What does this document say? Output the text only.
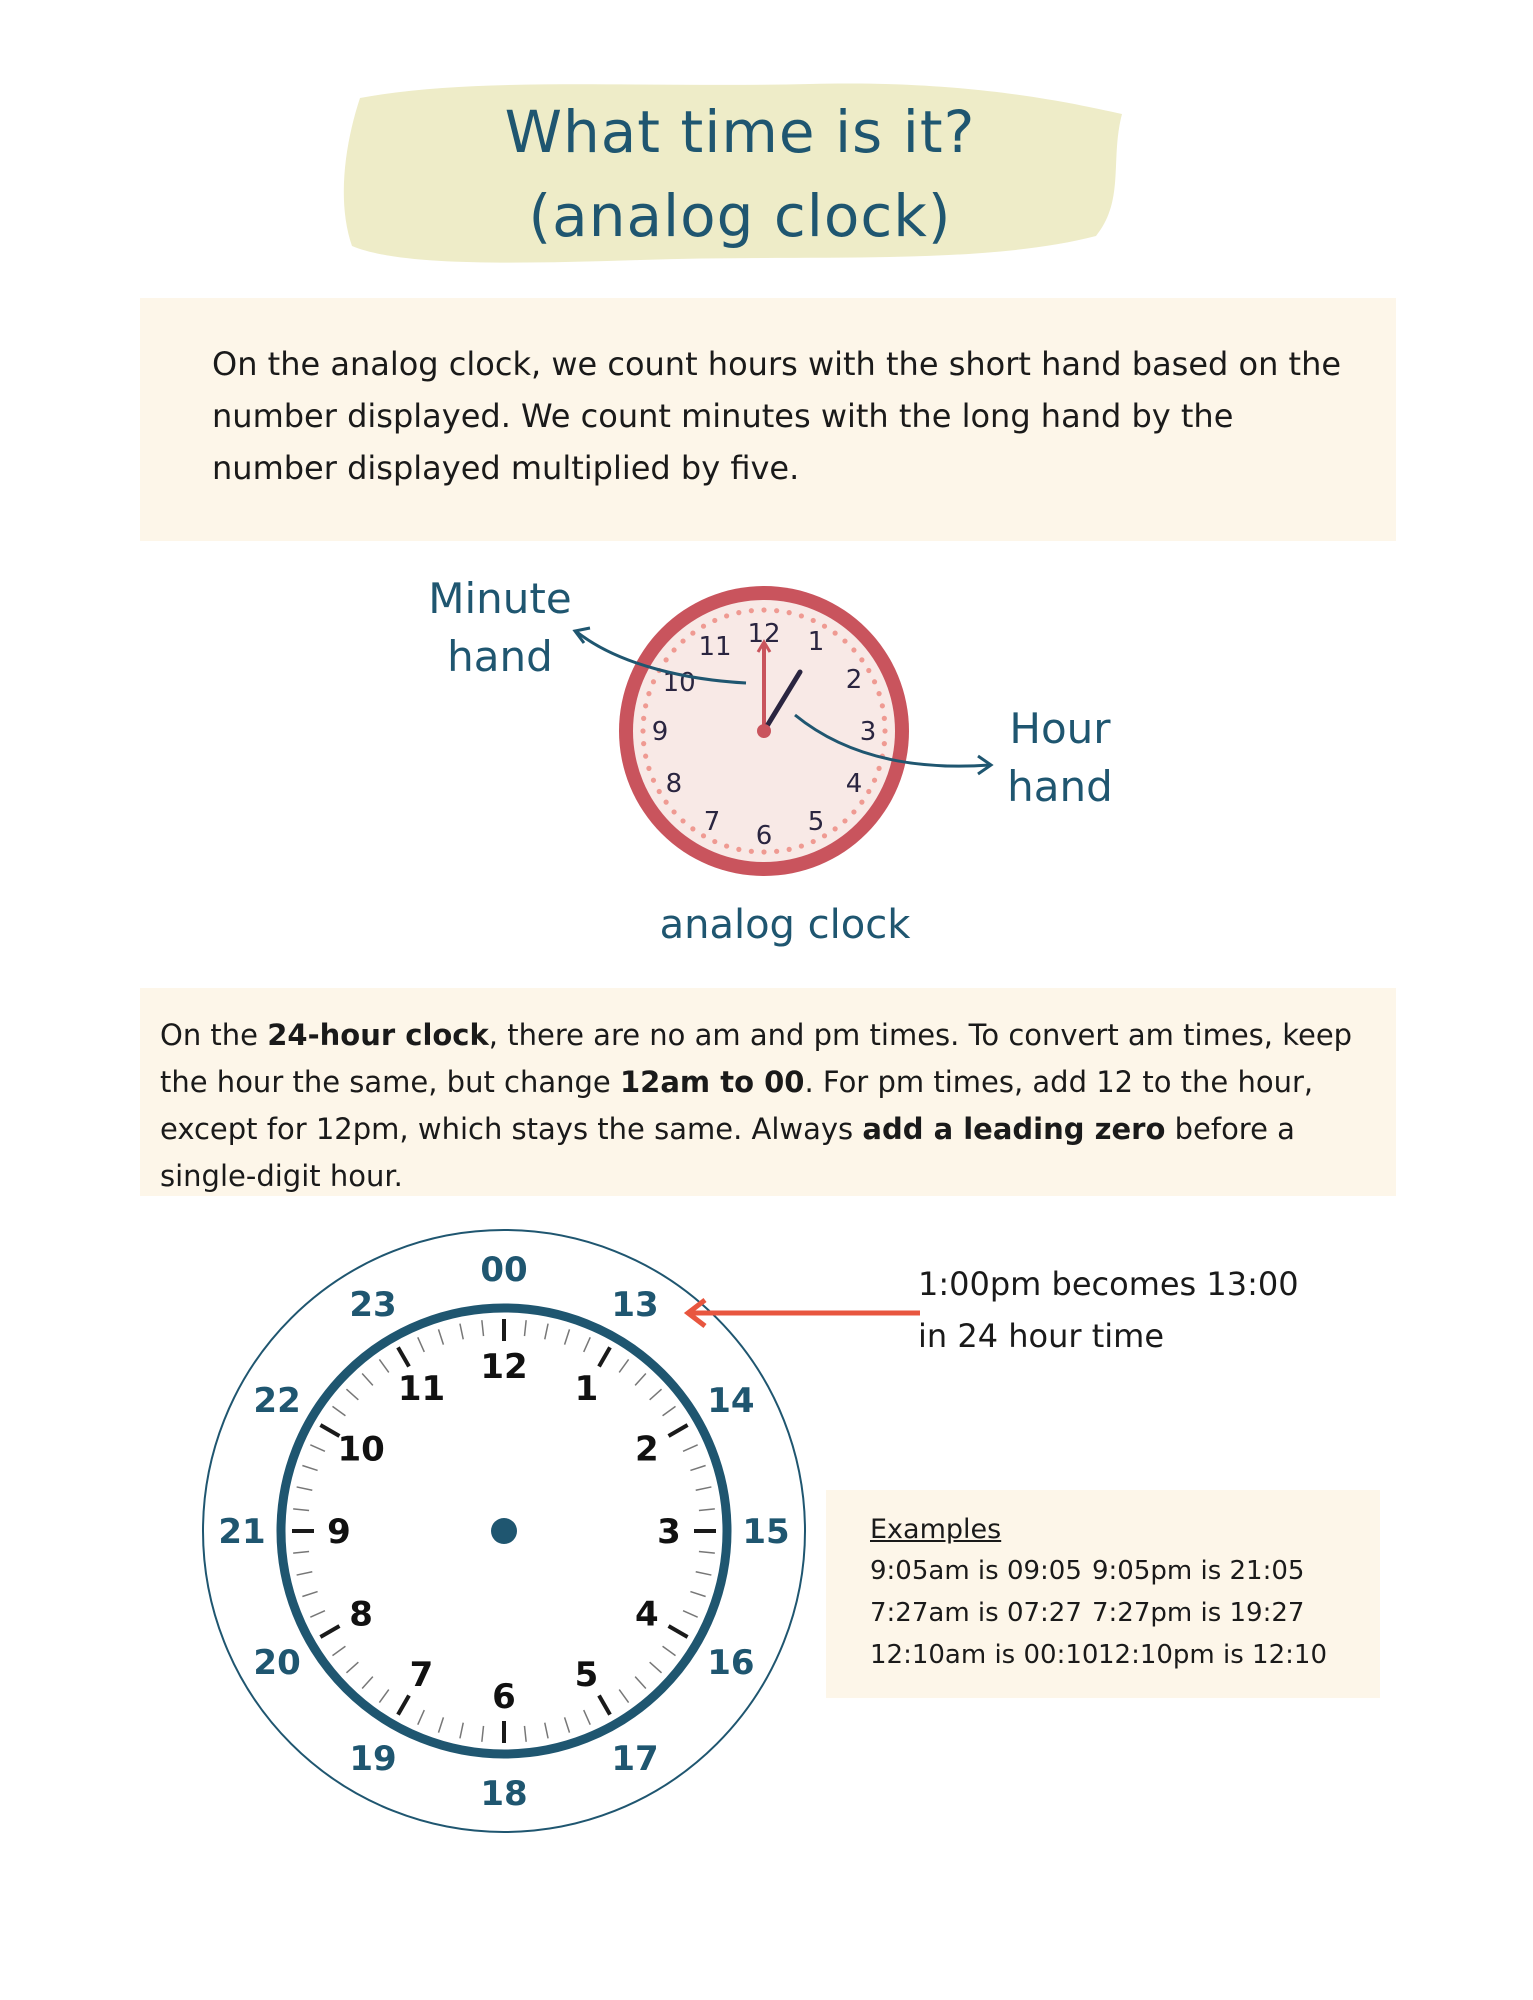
What time is it?
(analog clock)

On the analog clock, we count hours with the short hand based on the number displayed. We count minutes with the long hand by the number displayed multiplied by five.

Minute
hand
Hour
hand
12 1
2
3
4
5
6
7
8
9
10
11
analog clock

On the 24-hour clock, there are no am and pm times. To convert am times, keep the hour the same, but change 12am to 00. For pm times, add 12 to the hour, except for 12pm, which stays the same. Always add a leading zero before a single-digit hour.

12
1
2
3
4
5
6
7
8
9
10
11
00
13
14
15
16
17
18
19
20
21
22
23
1:00pm becomes 13:00
in 24 hour time
Examples
9:05am is 09:05 9:05pm is 21:05
7:27am is 07:27 7:27pm is 19:27
12:10am is 00:1012:10pm is 12:10
